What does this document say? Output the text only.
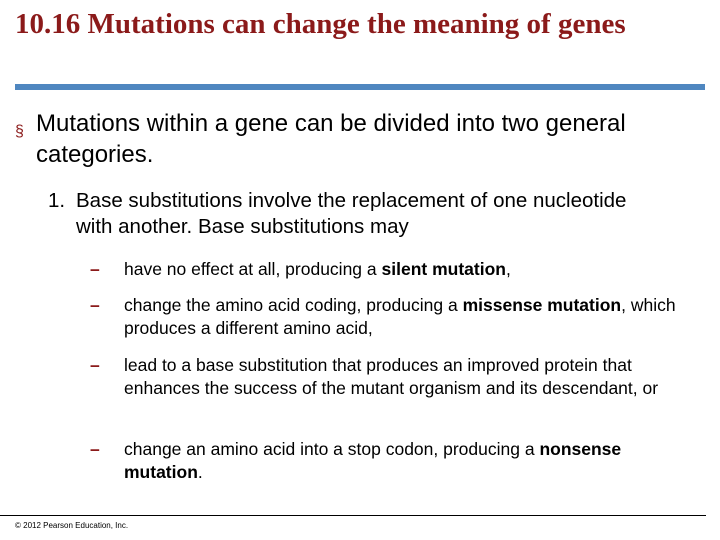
10.16 Mutations can change the meaning of genes
§ Mutations within a gene can be divided into two general categories.
1. Base substitutions involve the replacement of one nucleotide with another. Base substitutions may
–	have no effect at all, producing a silent mutation,
–	change the amino acid coding, producing a missense mutation, which produces a different amino acid,
–	lead to a base substitution that produces an improved protein that enhances the success of the mutant organism and its descendant, or
–	change an amino acid into a stop codon, producing a nonsense mutation.
© 2012 Pearson Education, Inc.
